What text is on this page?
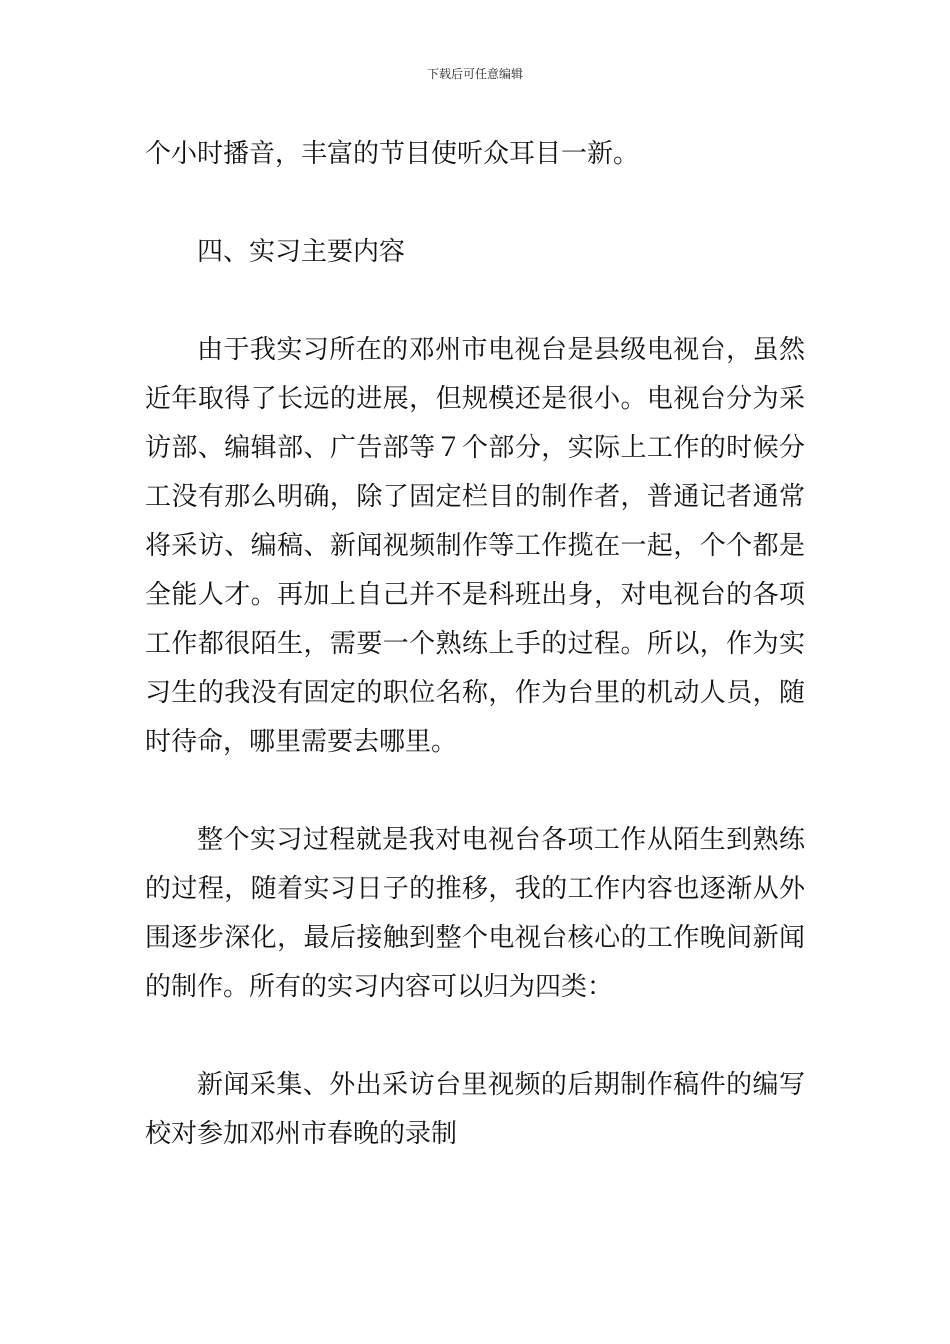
下载后可任意编辑

个小时播音，丰富的节目使听众耳目一新。

四、实习主要内容

由于我实习所在的邓州市电视台是县级电视台，虽然近年取得了长远的进展，但规模还是很小。电视台分为采访部、编辑部、广告部等７个部分，实际上工作的时候分工没有那么明确，除了固定栏目的制作者，普通记者通常将采访、编稿、新闻视频制作等工作揽在一起，个个都是全能人才。再加上自己并不是科班出身，对电视台的各项工作都很陌生，需要一个熟练上手的过程。所以，作为实习生的我没有固定的职位名称，作为台里的机动人员，随时待命，哪里需要去哪里。

整个实习过程就是我对电视台各项工作从陌生到熟练的过程，随着实习日子的推移，我的工作内容也逐渐从外围逐步深化，最后接触到整个电视台核心的工作晚间新闻的制作。所有的实习内容可以归为四类：

新闻采集、外出采访台里视频的后期制作稿件的编写校对参加邓州市春晚的录制
